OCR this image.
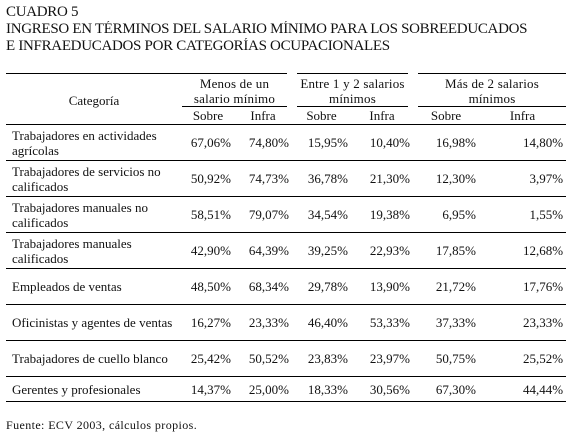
CUADRO 5
INGRESO EN TÉRMINOS DEL SALARIO MÍNIMO PARA LOS SOBREEDUCADOS
E INFRAEDUCADOS POR CATEGORÍAS OCUPACIONALES
Categoría	Menos de un salario mínimo		Entre 1 y 2 salarios mínimos		Más de 2 salarios mínimos	
	Sobre	Infra	Sobre	Infra	Sobre	Infra
Trabajadores en actividades agrícolas	67,06%	74,80%	15,95%	10,40%	16,98%	14,80%
Trabajadores de servicios no calificados	50,92%	74,73%	36,78%	21,30%	12,30%	3,97%
Trabajadores manuales no calificados	58,51%	79,07%	34,54%	19,38%	6,95%	1,55%
Trabajadores manuales calificados	42,90%	64,39%	39,25%	22,93%	17,85%	12,68%
Empleados de ventas	48,50%	68,34%	29,78%	13,90%	21,72%	17,76%
Oficinistas y agentes de ventas	16,27%	23,33%	46,40%	53,33%	37,33%	23,33%
Trabajadores de cuello blanco	25,42%	50,52%	23,83%	23,97%	50,75%	25,52%
Gerentes y profesionales	14,37%	25,00%	18,33%	30,56%	67,30%	44,44%
Fuente: ECV 2003, cálculos propios.
